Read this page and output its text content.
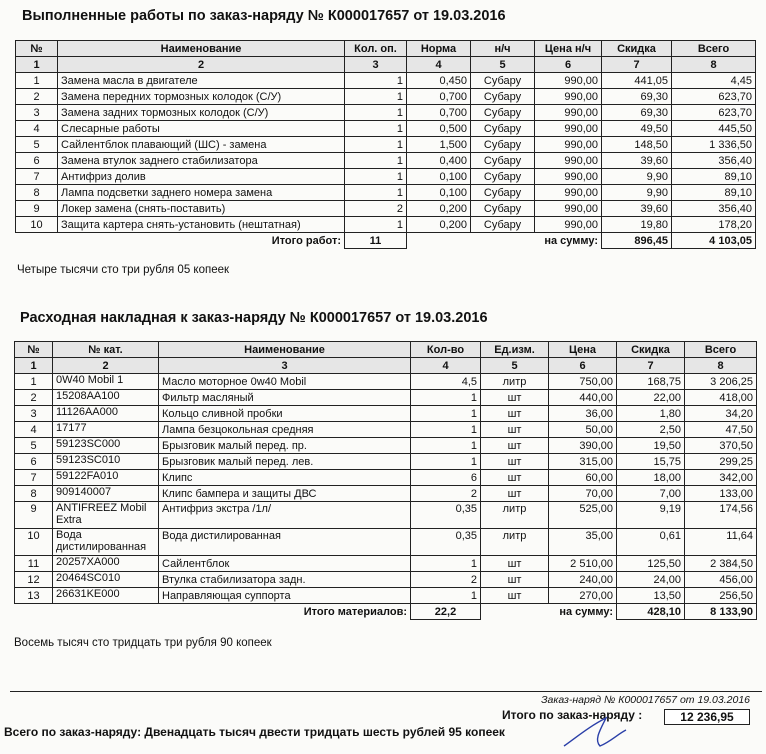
Выполненные работы по заказ-наряду № К000017657 от 19.03.2016
№	Наименование	Кол. оп.	Норма	н/ч	Цена н/ч	Скидка	Всего
1	2	3	4	5	6	7	8
1	Замена масла в двигателе	1	0,450	Субару	990,00	441,05	4,45
2	Замена передних тормозных колодок (С/У)	1	0,700	Субару	990,00	69,30	623,70
3	Замена задних тормозных колодок (С/У)	1	0,700	Субару	990,00	69,30	623,70
4	Слесарные работы	1	0,500	Субару	990,00	49,50	445,50
5	Сайлентблок плавающий (ШС) - замена	1	1,500	Субару	990,00	148,50	1 336,50
6	Замена втулок заднего стабилизатора	1	0,400	Субару	990,00	39,60	356,40
7	Антифриз долив	1	0,100	Субару	990,00	9,90	89,10
8	Лампа подсветки заднего номера замена	1	0,100	Субару	990,00	9,90	89,10
9	Локер замена (снять-поставить)	2	0,200	Субару	990,00	39,60	356,40
10	Защита картера снять-установить (нештатная)	1	0,200	Субару	990,00	19,80	178,20
Итого работ:		11	на сумму:			896,45	4 103,05
Четыре тысячи сто три рубля 05 копеек
Расходная накладная к заказ-наряду № К000017657 от 19.03.2016
№	№ кат.	Наименование	Кол-во	Ед.изм.	Цена	Скидка	Всего
1	2	3	4	5	6	7	8
1	0W40 Mobil 1	Масло моторное 0w40 Mobil	4,5	литр	750,00	168,75	3 206,25
2	15208AA100	Фильтр масляный	1	шт	440,00	22,00	418,00
3	11126AA000	Кольцо сливной пробки	1	шт	36,00	1,80	34,20
4	17177	Лампа безцокольная средняя	1	шт	50,00	2,50	47,50
5	59123SC000	Брызговик малый перед. пр.	1	шт	390,00	19,50	370,50
6	59123SC010	Брызговик малый перед. лев.	1	шт	315,00	15,75	299,25
7	59122FA010	Клипс	6	шт	60,00	18,00	342,00
8	909140007	Клипс бампера и защиты ДВС	2	шт	70,00	7,00	133,00
9	ANTIFREEZ Mobil Extra	Антифриз экстра /1л/	0,35	литр	525,00	9,19	174,56
10	Вода дистилированная	Вода дистилированная	0,35	литр	35,00	0,61	11,64
11	20257XA000	Сайлентблок	1	шт	2 510,00	125,50	2 384,50
12	20464SC010	Втулка стабилизатора задн.	2	шт	240,00	24,00	456,00
13	26631KE000	Направляющая суппорта	1	шт	270,00	13,50	256,50
Итого материалов:			22,2	на сумму:		428,10	8 133,90
Восемь тысяч сто тридцать три рубля 90 копеек
Заказ-наряд № К000017657 от 19.03.2016
Итого по заказ-наряду :	12 236,95
Всего по заказ-наряду: Двенадцать тысяч двести тридцать шесть рублей 95 копеек
